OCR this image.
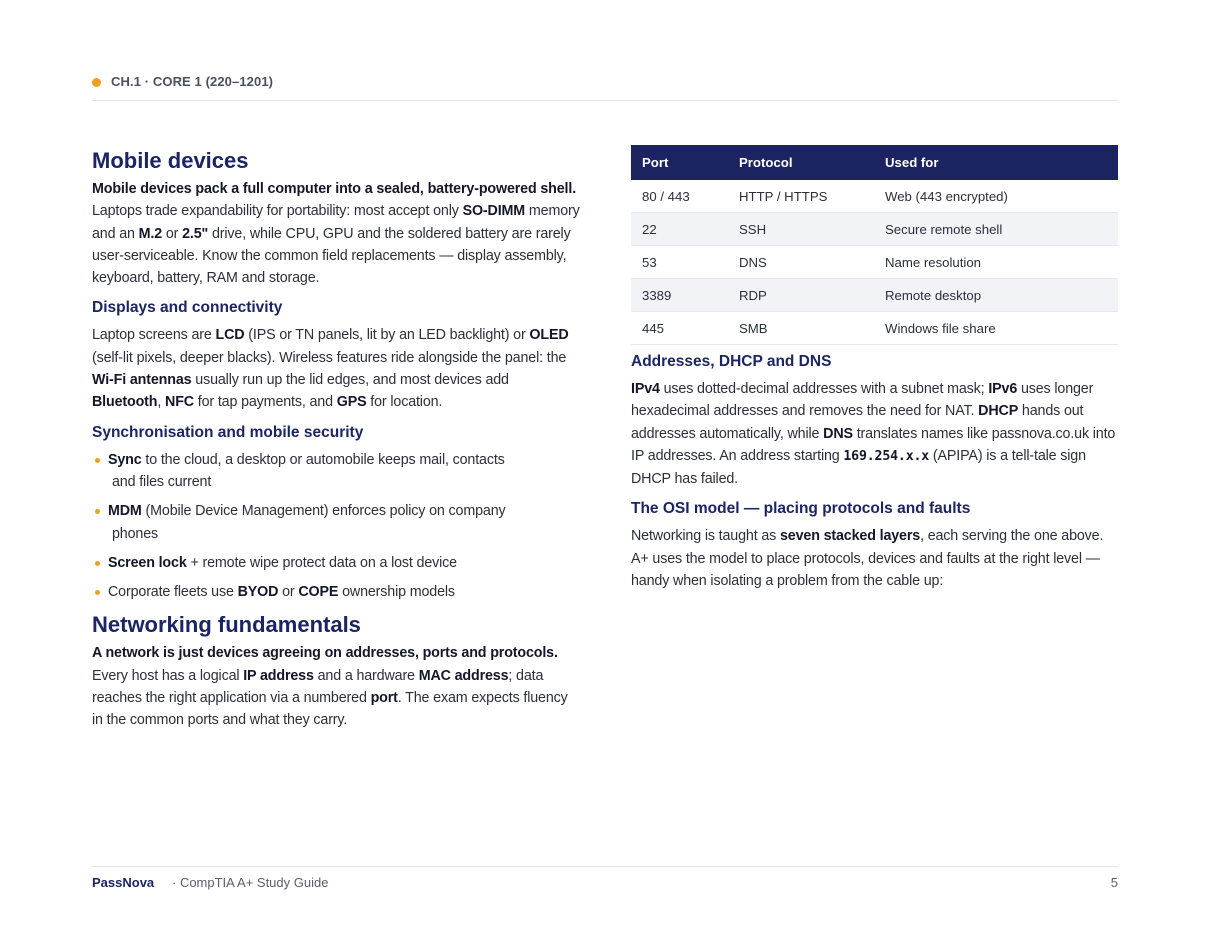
CH.1 · CORE 1 (220–1201)
Mobile devices

Mobile devices pack a full computer into a sealed, battery-powered shell. Laptops trade expandability for portability: most accept only SO-DIMM memory and an M.2 or 2.5" drive, while CPU, GPU and the soldered battery are rarely user-serviceable. Know the common field replacements — display assembly, keyboard, battery, RAM and storage.

Displays and connectivity

Laptop screens are LCD (IPS or TN panels, lit by an LED backlight) or OLED (self-lit pixels, deeper blacks). Wireless features ride alongside the panel: the Wi-Fi antennas usually run up the lid edges, and most devices add Bluetooth, NFC for tap payments, and GPS for location.

Synchronisation and mobile security
Sync to the cloud, a desktop or automobile keeps mail, contacts
and files current
MDM (Mobile Device Management) enforces policy on company
phones
Screen lock + remote wipe protect data on a lost device
Corporate fleets use BYOD or COPE ownership models
Networking fundamentals

A network is just devices agreeing on addresses, ports and protocols. Every host has a logical IP address and a hardware MAC address; data reaches the right application via a numbered port. The exam expects fluency in the common ports and what they carry.

Port	Protocol	Used for
80 / 443	HTTP / HTTPS	Web (443 encrypted)
22	SSH	Secure remote shell
53	DNS	Name resolution
3389	RDP	Remote desktop
445	SMB	Windows file share
Addresses, DHCP and DNS

IPv4 uses dotted-decimal addresses with a subnet mask; IPv6 uses longer hexadecimal addresses and removes the need for NAT. DHCP hands out addresses automatically, while DNS translates names like passnova.co.uk into IP addresses. An address starting 169.254.x.x (APIPA) is a tell-tale sign DHCP has failed.

The OSI model — placing protocols and faults

Networking is taught as seven stacked layers, each serving the one above. A+ uses the model to place protocols, devices and faults at the right level — handy when isolating a problem from the cable up:

PassNova · CompTIA A+ Study Guide	5
